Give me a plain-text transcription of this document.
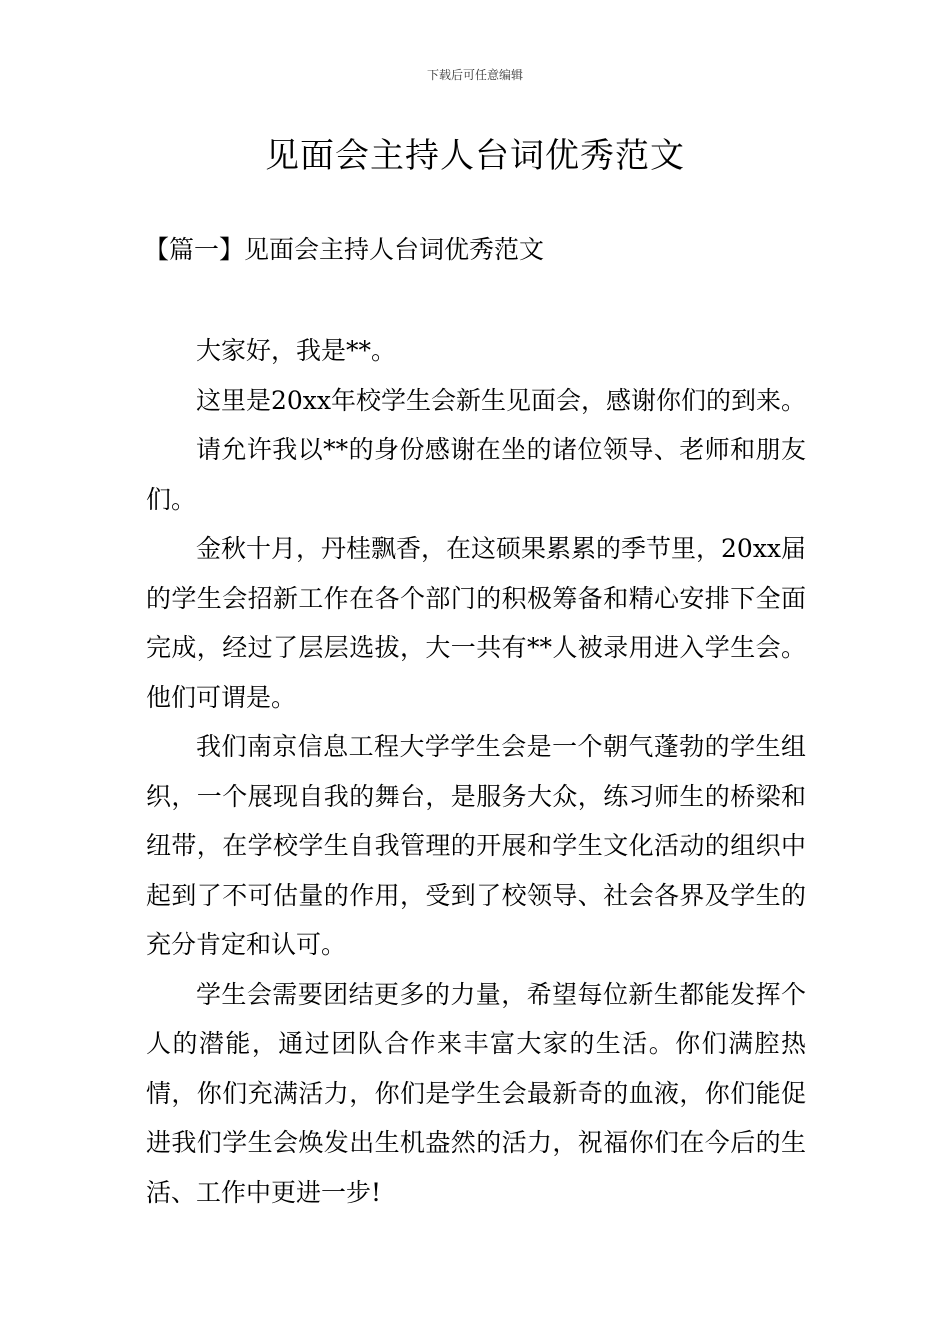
下载后可任意编辑
见面会主持人台词优秀范文
【篇一】见面会主持人台词优秀范文

大家好，我是**。

这里是20xx年校学生会新生见面会，感谢你们的到来。

请允许我以**的身份感谢在坐的诸位领导、老师和朋友们。

金秋十月，丹桂飘香，在这硕果累累的季节里，20xx届的学生会招新工作在各个部门的积极筹备和精心安排下全面完成，经过了层层选拔，大一共有**人被录用进入学生会。他们可谓是。

我们南京信息工程大学学生会是一个朝气蓬勃的学生组织，一个展现自我的舞台，是服务大众，练习师生的桥梁和纽带，在学校学生自我管理的开展和学生文化活动的组织中起到了不可估量的作用，受到了校领导、社会各界及学生的充分肯定和认可。

学生会需要团结更多的力量，希望每位新生都能发挥个人的潜能，通过团队合作来丰富大家的生活。你们满腔热情，你们充满活力，你们是学生会最新奇的血液，你们能促进我们学生会焕发出生机盎然的活力，祝福你们在今后的生活、工作中更进一步!
